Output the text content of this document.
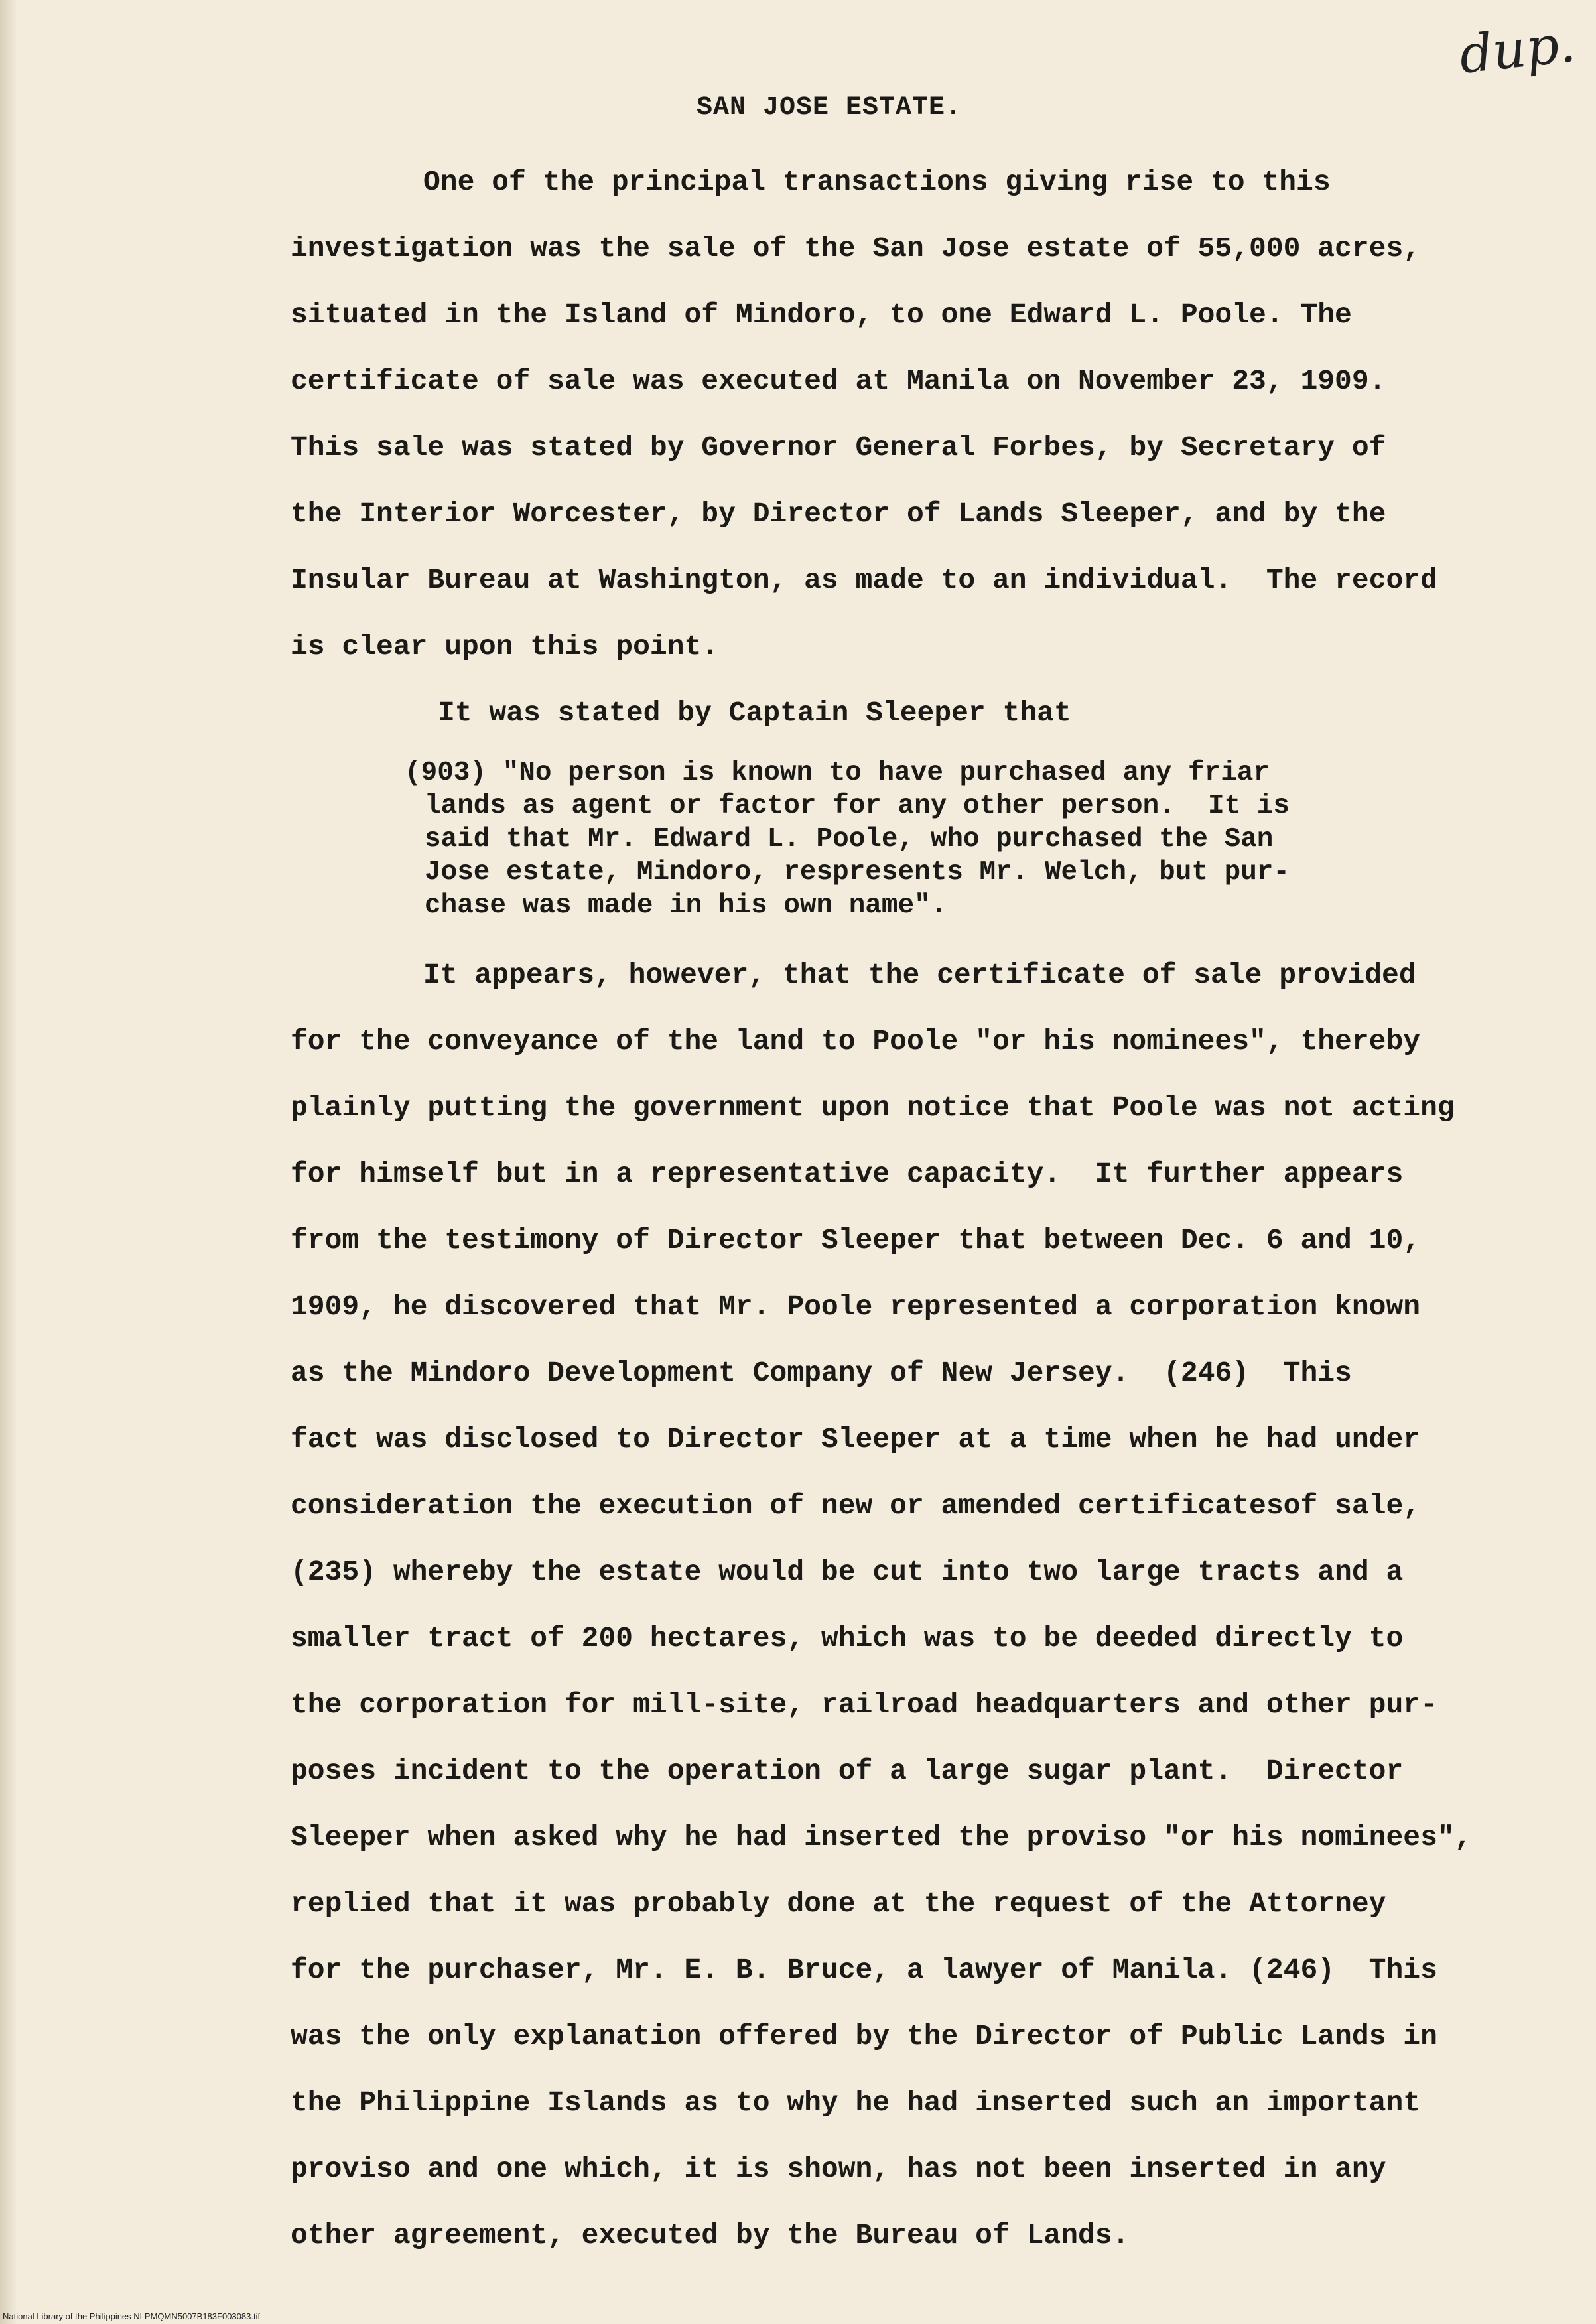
dup.
SAN JOSE ESTATE.
One of the principal transactions giving rise to this
investigation was the sale of the San Jose estate of 55,000 acres,
situated in the Island of Mindoro, to one Edward L. Poole. The
certificate of sale was executed at Manila on November 23, 1909.
This sale was stated by Governor General Forbes, by Secretary of
the Interior Worcester, by Director of Lands Sleeper, and by the
Insular Bureau at Washington, as made to an individual.  The record
is clear upon this point.
It was stated by Captain Sleeper that
(903) "No person is known to have purchased any friar
lands as agent or factor for any other person.  It is
said that Mr. Edward L. Poole, who purchased the San
Jose estate, Mindoro, respresents Mr. Welch, but pur-
chase was made in his own name".
It appears, however, that the certificate of sale provided
for the conveyance of the land to Poole "or his nominees", thereby
plainly putting the government upon notice that Poole was not acting
for himself but in a representative capacity.  It further appears
from the testimony of Director Sleeper that between Dec. 6 and 10,
1909, he discovered that Mr. Poole represented a corporation known
as the Mindoro Development Company of New Jersey.  (246)  This
fact was disclosed to Director Sleeper at a time when he had under
consideration the execution of new or amended certificatesof sale,
(235) whereby the estate would be cut into two large tracts and a
smaller tract of 200 hectares, which was to be deeded directly to
the corporation for mill-site, railroad headquarters and other pur-
poses incident to the operation of a large sugar plant.  Director
Sleeper when asked why he had inserted the proviso "or his nominees",
replied that it was probably done at the request of the Attorney
for the purchaser, Mr. E. B. Bruce, a lawyer of Manila. (246)  This
was the only explanation offered by the Director of Public Lands in
the Philippine Islands as to why he had inserted such an important
proviso and one which, it is shown, has not been inserted in any
other agreement, executed by the Bureau of Lands.
National Library of the Philippines NLPMQMN5007B183F003083.tif
